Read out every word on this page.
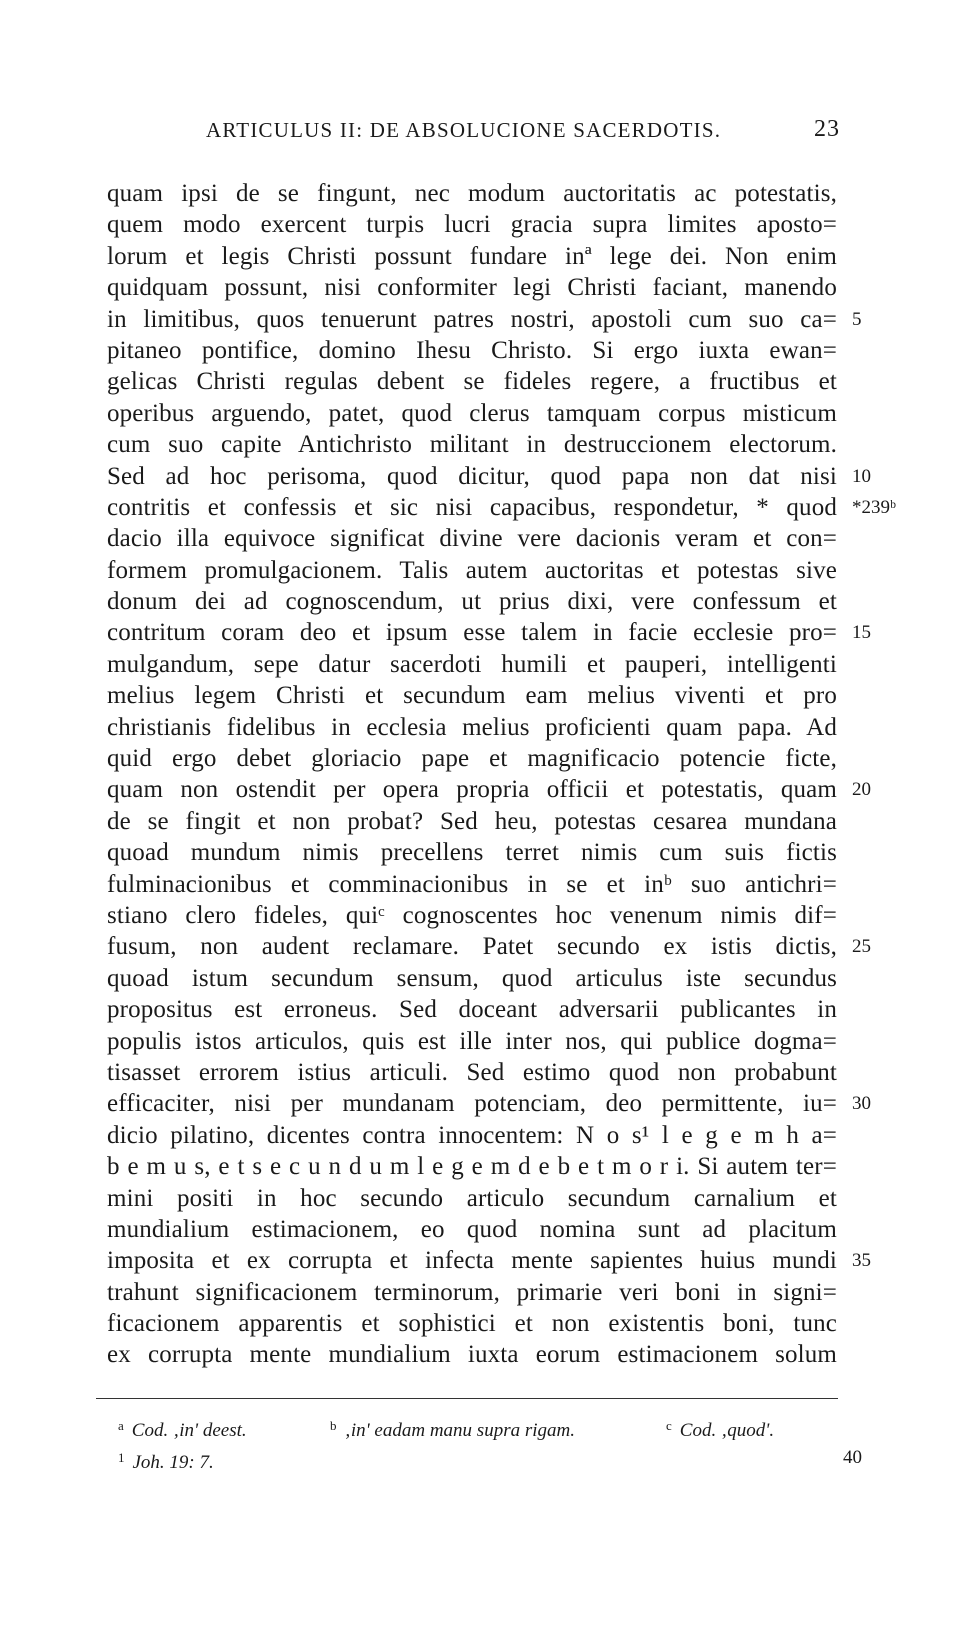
ARTICULUS II: DE ABSOLUCIONE SACERDOTIS.	23
quam ipsi de se fingunt, nec modum auctoritatis ac potestatis,
quem modo exercent turpis lucri gracia supra limites aposto=
lorum et legis Christi possunt fundare inª lege dei. Non enim
quidquam possunt, nisi conformiter legi Christi faciant, manendo
in limitibus, quos tenuerunt patres nostri, apostoli cum suo ca= 5
pitaneo pontifice, domino Ihesu Christo. Si ergo iuxta ewan=
gelicas Christi regulas debent se fideles regere, a fructibus et
operibus arguendo, patet, quod clerus tamquam corpus misticum
cum suo capite Antichristo militant in destruccionem electorum.
Sed ad hoc perisoma, quod dicitur, quod papa non dat nisi 10
contritis et confessis et sic nisi capacibus, respondetur, * quod *239ᵇ
dacio illa equivoce significat divine vere dacionis veram et con=
formem promulgacionem. Talis autem auctoritas et potestas sive
donum dei ad cognoscendum, ut prius dixi, vere confessum et
contritum coram deo et ipsum esse talem in facie ecclesie pro= 15
mulgandum, sepe datur sacerdoti humili et pauperi, intelligenti
melius legem Christi et secundum eam melius viventi et pro
christianis fidelibus in ecclesia melius proficienti quam papa. Ad
quid ergo debet gloriacio pape et magnificacio potencie ficte,
quam non ostendit per opera propria officii et potestatis, quam 20
de se fingit et non probat? Sed heu, potestas cesarea mundana
quoad mundum nimis precellens terret nimis cum suis fictis
fulminacionibus et comminacionibus in se et inᵇ suo antichri=
stiano clero fideles, quiᶜ cognoscentes hoc venenum nimis dif=
fusum, non audent reclamare. Patet secundo ex istis dictis, 25
quoad istum secundum sensum, quod articulus iste secundus
propositus est erroneus. Sed doceant adversarii publicantes in
populis istos articulos, quis est ille inter nos, qui publice dogma=
tisasset errorem istius articuli. Sed estimo quod non probabunt
efficaciter, nisi per mundanam potenciam, deo permittente, iu= 30
dicio pilatino, dicentes contra innocentem: N o s¹ l e g e m h a=
b e m u s, e t s e c u n d u m l e g e m d e b e t m o r i. Si autem ter=
mini positi in hoc secundo articulo secundum carnalium et
mundialium estimacionem, eo quod nomina sunt ad placitum
imposita et ex corrupta et infecta mente sapientes huius mundi 35
trahunt significacionem terminorum, primarie veri boni in signi=
ficacionem apparentis et sophistici et non existentis boni, tunc
ex corrupta mente mundialium iuxta eorum estimacionem solum
$^a$ Cod. ‚in' deest.	$^b$ ‚in' eadam manu supra rigam.	$^c$ Cod. ‚quod'.
$^1$ Joh. 19: 7.	40
